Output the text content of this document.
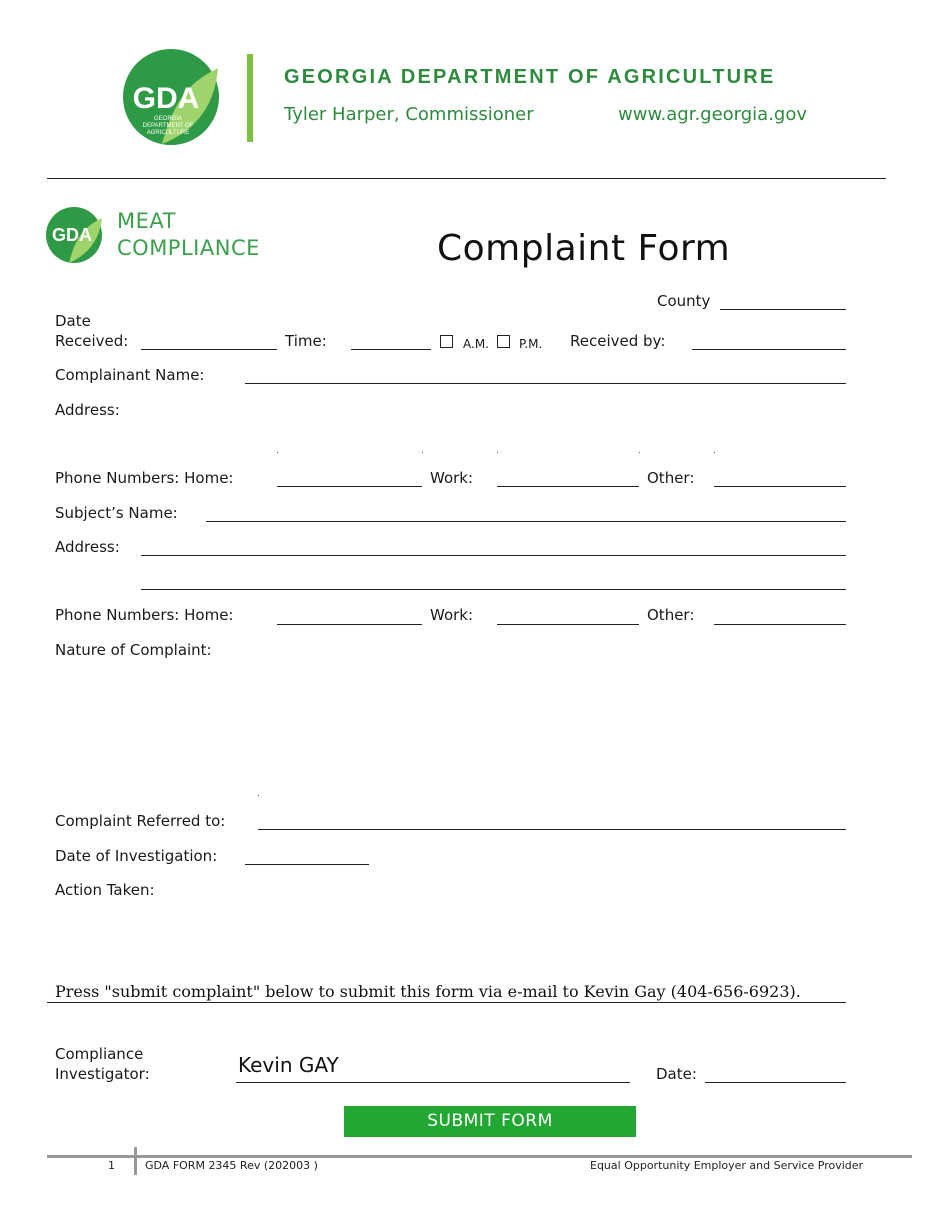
GDA
GEORGIA
DEPARTMENT OF
AGRICULTURE
GEORGIA DEPARTMENT OF AGRICULTURE
Tyler Harper, Commissioner	www.agr.georgia.gov
GDA
MEAT
COMPLIANCE	Complaint Form
County
Date
Received:	Time:	A.M.	P.M. Received by:
Complainant Name:
Address:
Phone Numbers: Home:	Work:	Other:
Subject’s Name:
Address:
Phone Numbers: Home:	Work:	Other:
Nature of Complaint:
Complaint Referred to:
Date of Investigation:
Action Taken:
Press "submit complaint" below to submit this form via e-mail to Kevin Gay (404-656-6923).
Compliance
Investigator:	Kevin GAY	Date:
SUBMIT FORM
1	GDA FORM 2345 Rev (202003 )	Equal Opportunity Employer and Service Provider
